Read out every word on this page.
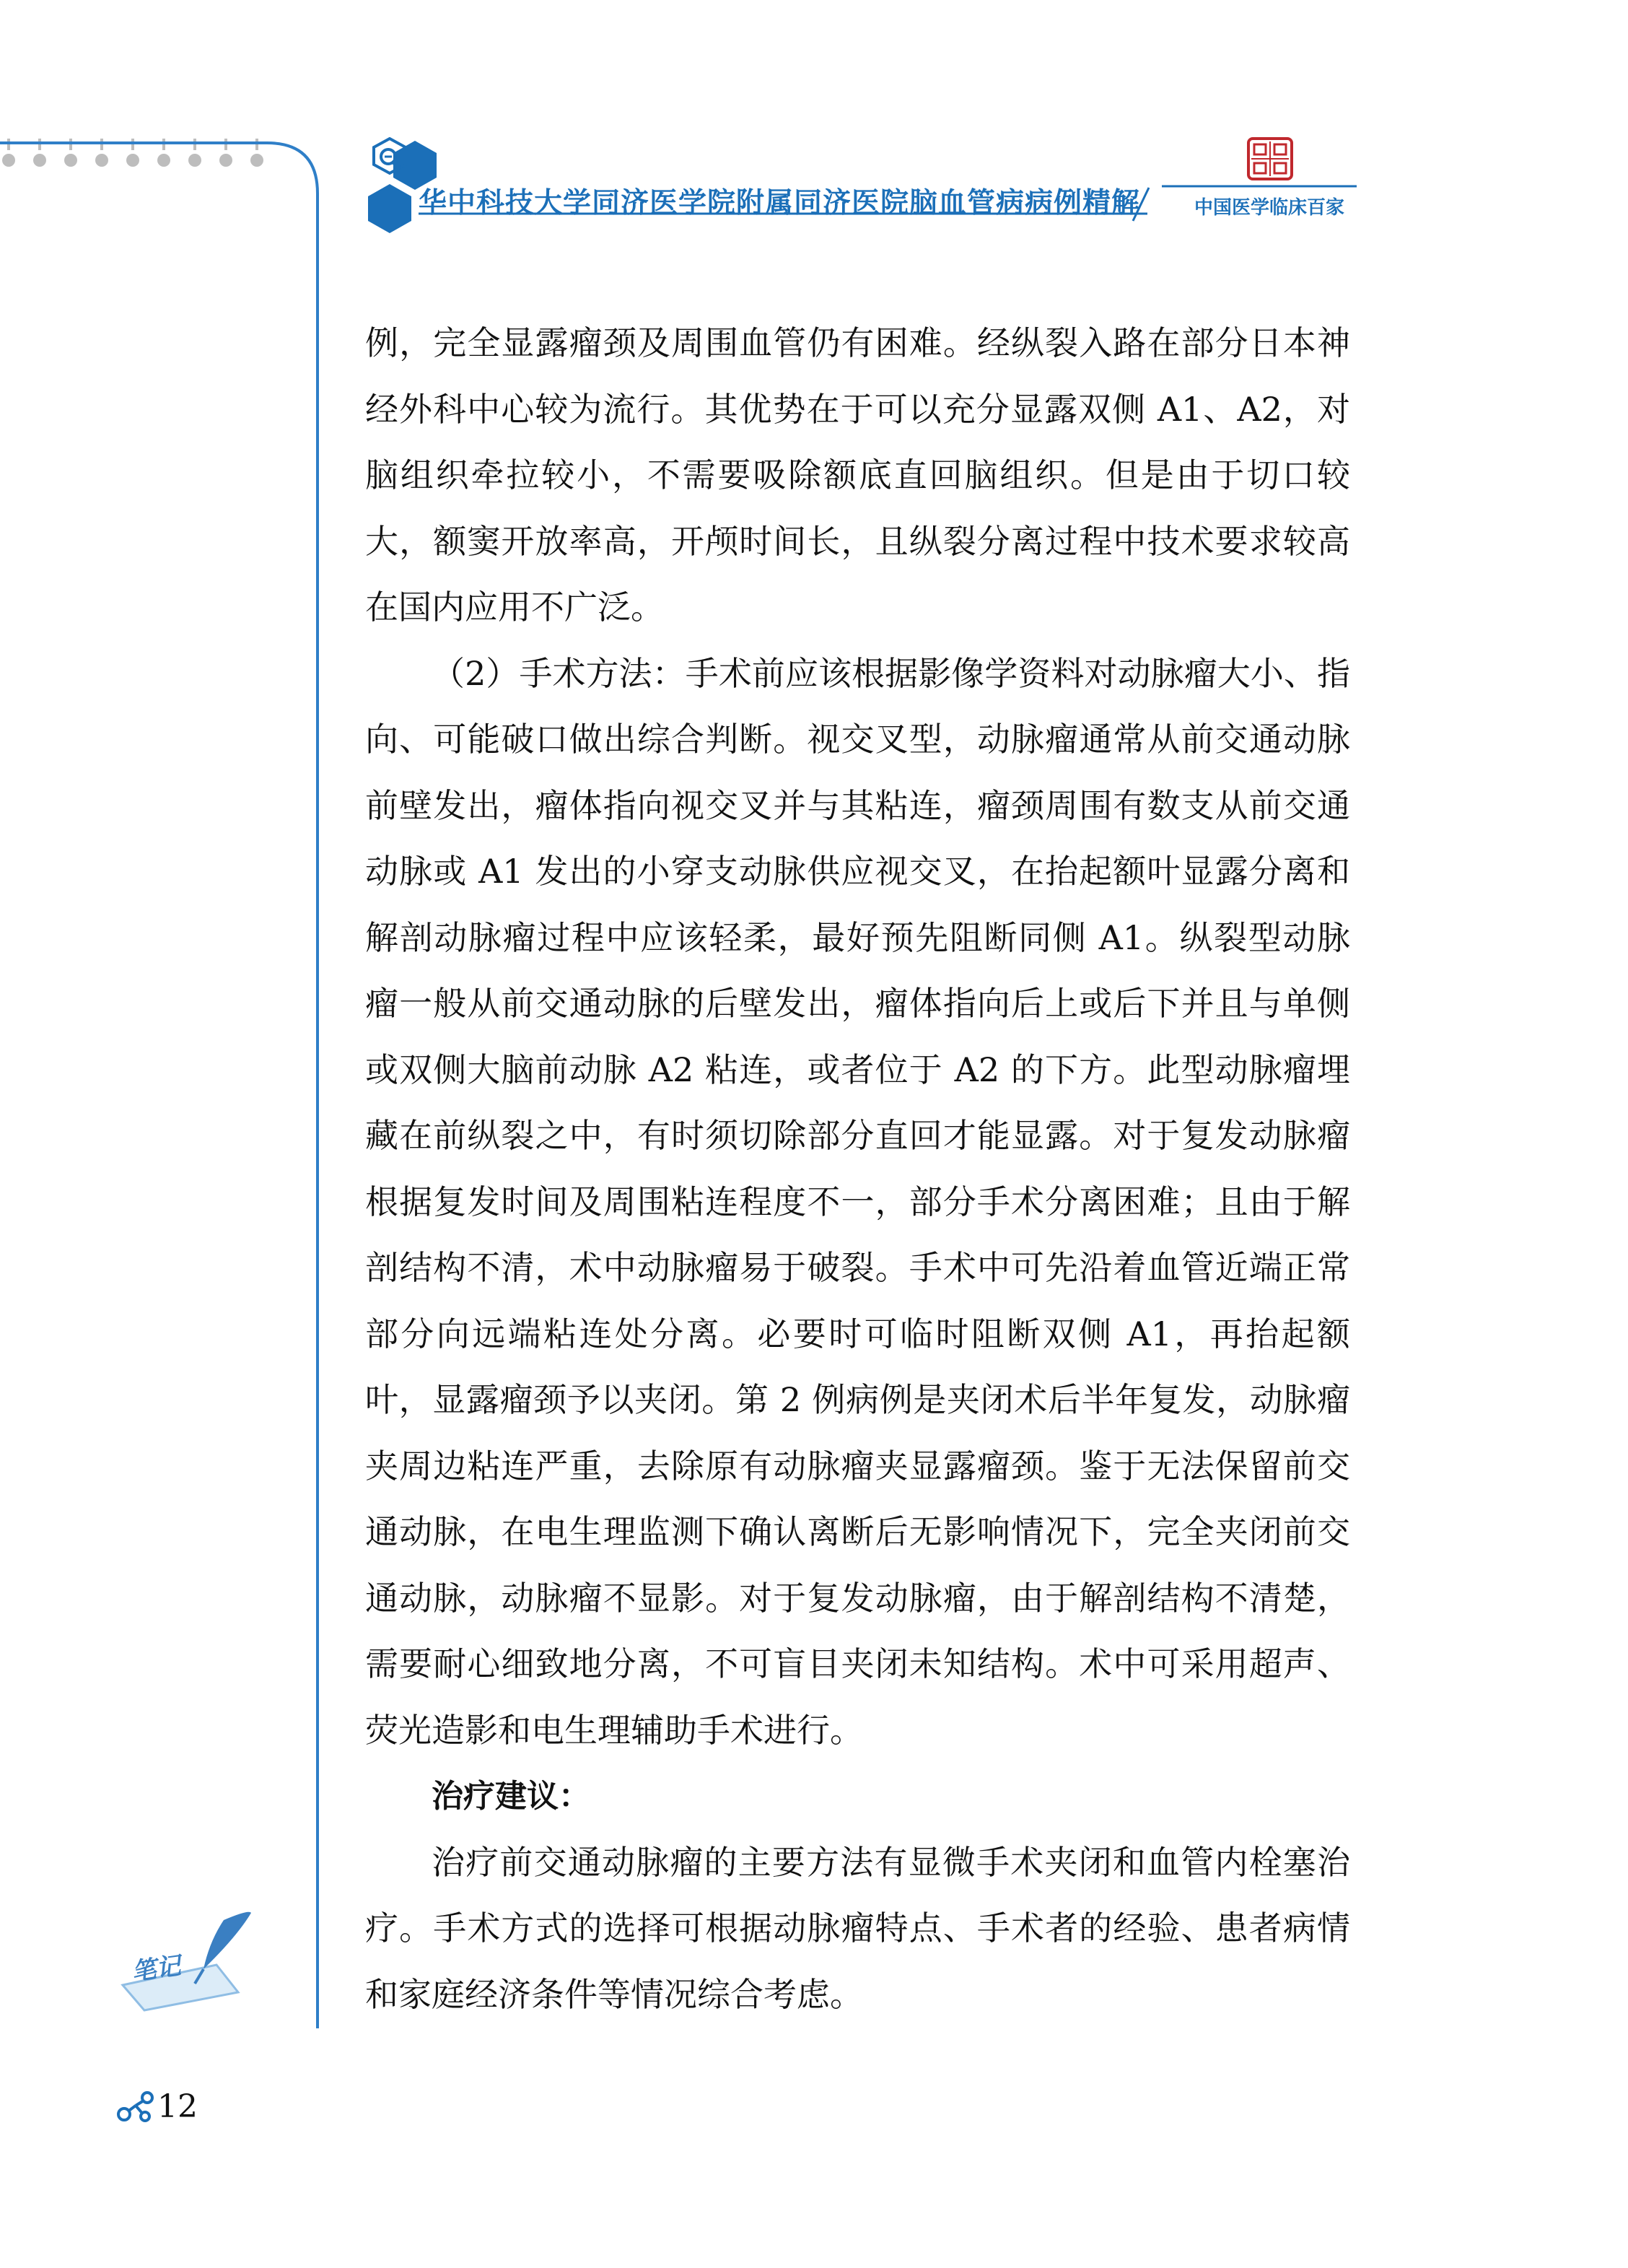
华中科技大学同济医学院附属同济医院脑血管病病例精解	中国医学临床百家

例，完全显露瘤颈及周围血管仍有困难。经纵裂入路在部分日本神经外科中心较为流行。其优势在于可以充分显露双侧 A1、A2，对脑组织牵拉较小，不需要吸除额底直回脑组织。但是由于切口较大，额窦开放率高，开颅时间长，且纵裂分离过程中技术要求较高在国内应用不广泛。

（2）手术方法：手术前应该根据影像学资料对动脉瘤大小、指向、可能破口做出综合判断。视交叉型，动脉瘤通常从前交通动脉前壁发出，瘤体指向视交叉并与其粘连，瘤颈周围有数支从前交通动脉或 A1 发出的小穿支动脉供应视交叉，在抬起额叶显露分离和解剖动脉瘤过程中应该轻柔，最好预先阻断同侧 A1。纵裂型动脉瘤一般从前交通动脉的后壁发出，瘤体指向后上或后下并且与单侧或双侧大脑前动脉 A2 粘连，或者位于 A2 的下方。此型动脉瘤埋藏在前纵裂之中，有时须切除部分直回才能显露。对于复发动脉瘤根据复发时间及周围粘连程度不一，部分手术分离困难；且由于解剖结构不清，术中动脉瘤易于破裂。手术中可先沿着血管近端正常部分向远端粘连处分离。必要时可临时阻断双侧 A1，再抬起额叶，显露瘤颈予以夹闭。第 2 例病例是夹闭术后半年复发，动脉瘤夹周边粘连严重，去除原有动脉瘤夹显露瘤颈。鉴于无法保留前交通动脉，在电生理监测下确认离断后无影响情况下，完全夹闭前交通动脉，动脉瘤不显影。对于复发动脉瘤，由于解剖结构不清楚，需要耐心细致地分离，不可盲目夹闭未知结构。术中可采用超声、荧光造影和电生理辅助手术进行。

治疗建议：

治疗前交通动脉瘤的主要方法有显微手术夹闭和血管内栓塞治疗。手术方式的选择可根据动脉瘤特点、手术者的经验、患者病情和家庭经济条件等情况综合考虑。

笔记
12
